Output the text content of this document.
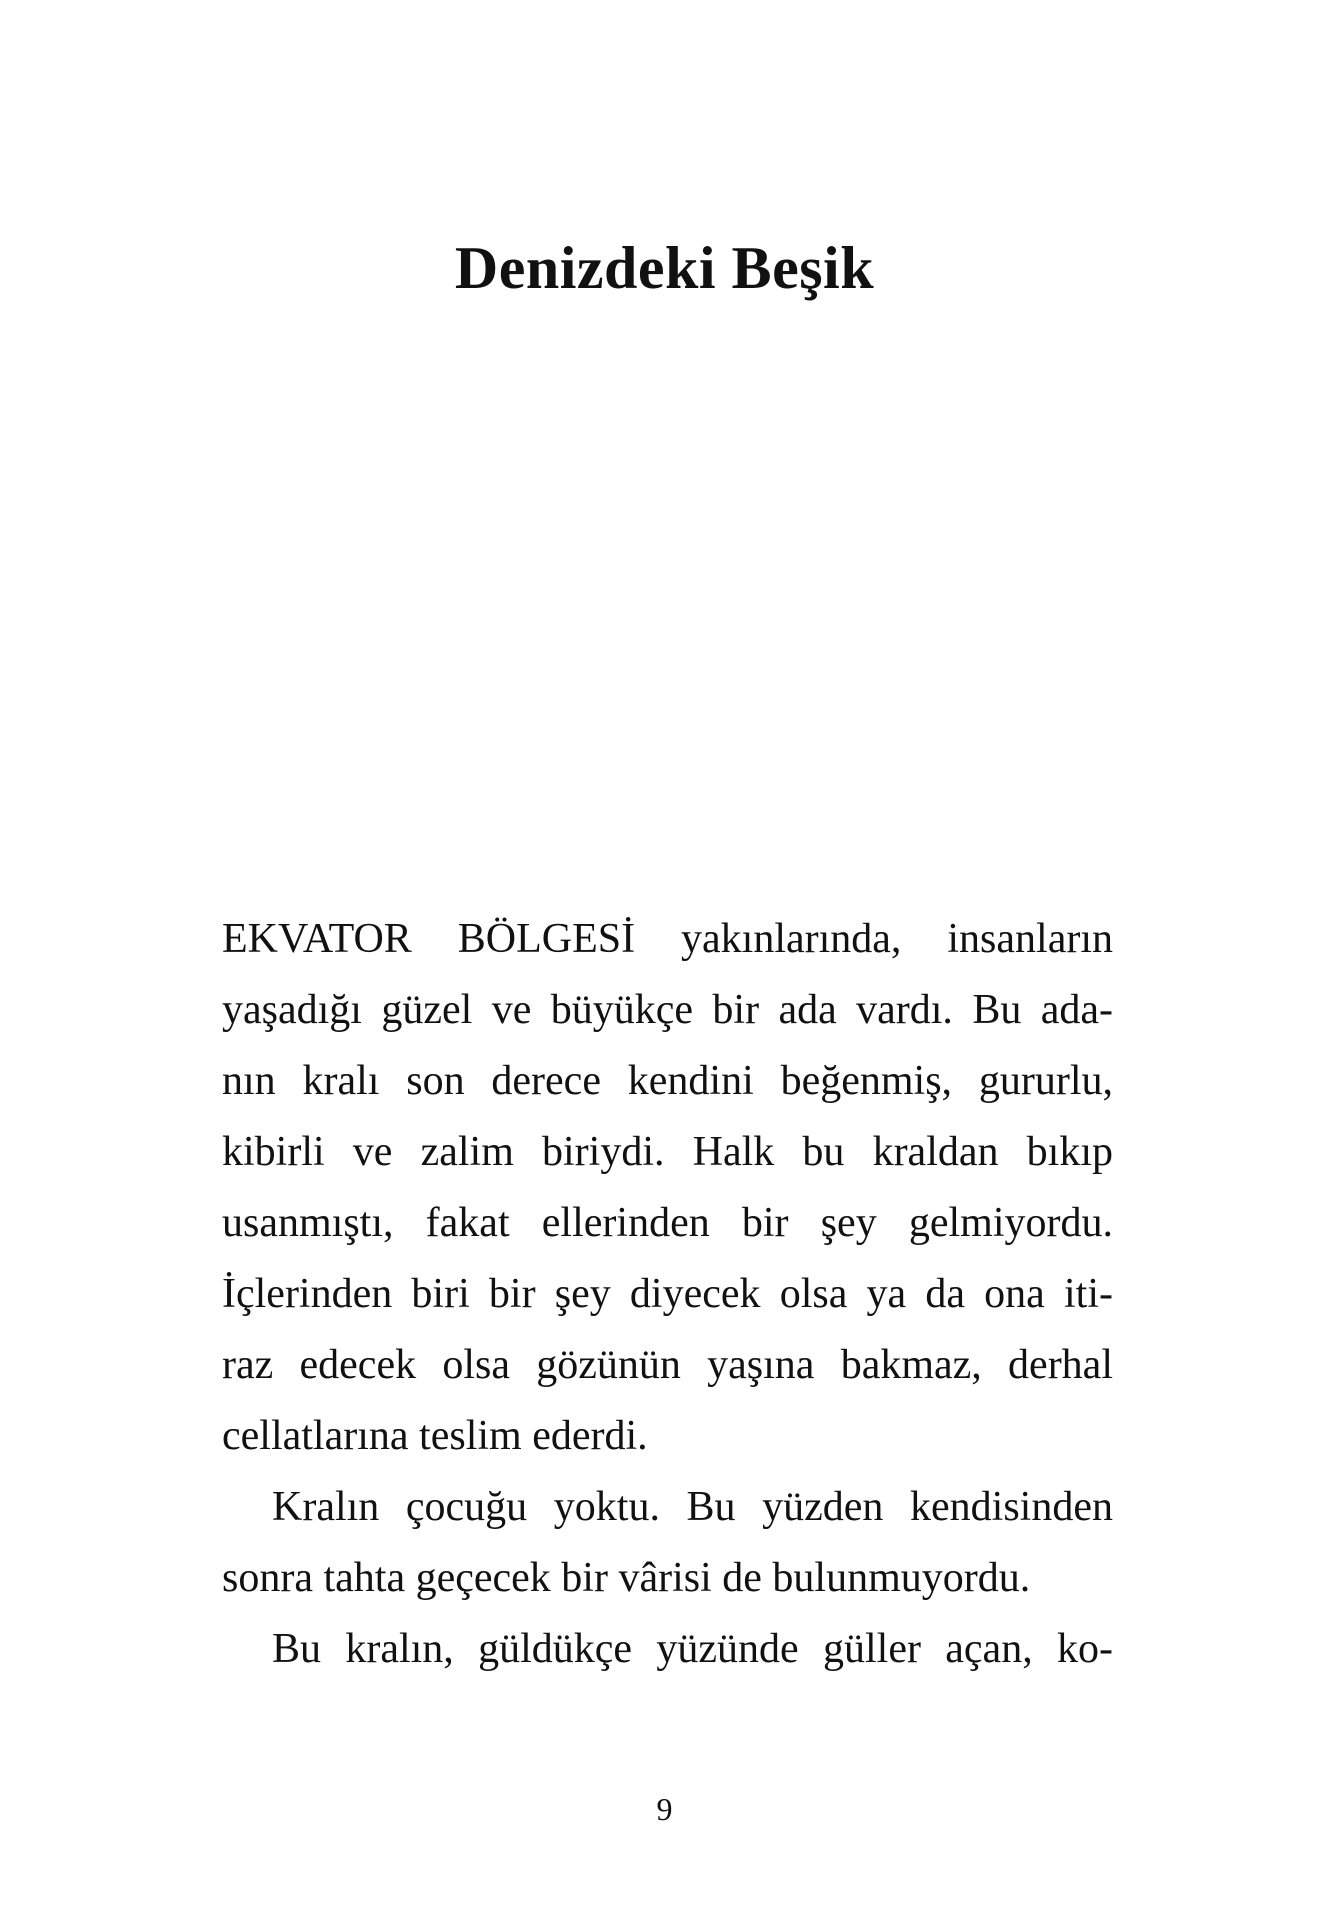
Denizdeki Beşik
EKVATOR BÖLGESİ yakınlarında, insanların
yaşadığı güzel ve büyükçe bir ada vardı. Bu ada-
nın kralı son derece kendini beğenmiş, gururlu,
kibirli ve zalim biriydi. Halk bu kraldan bıkıp
usanmıştı, fakat ellerinden bir şey gelmiyordu.
İçlerinden biri bir şey diyecek olsa ya da ona iti-
raz edecek olsa gözünün yaşına bakmaz, derhal
cellatlarına teslim ederdi.
Kralın çocuğu yoktu. Bu yüzden kendisinden
sonra tahta geçecek bir vârisi de bulunmuyordu.
Bu kralın, güldükçe yüzünde güller açan, ko-
9
